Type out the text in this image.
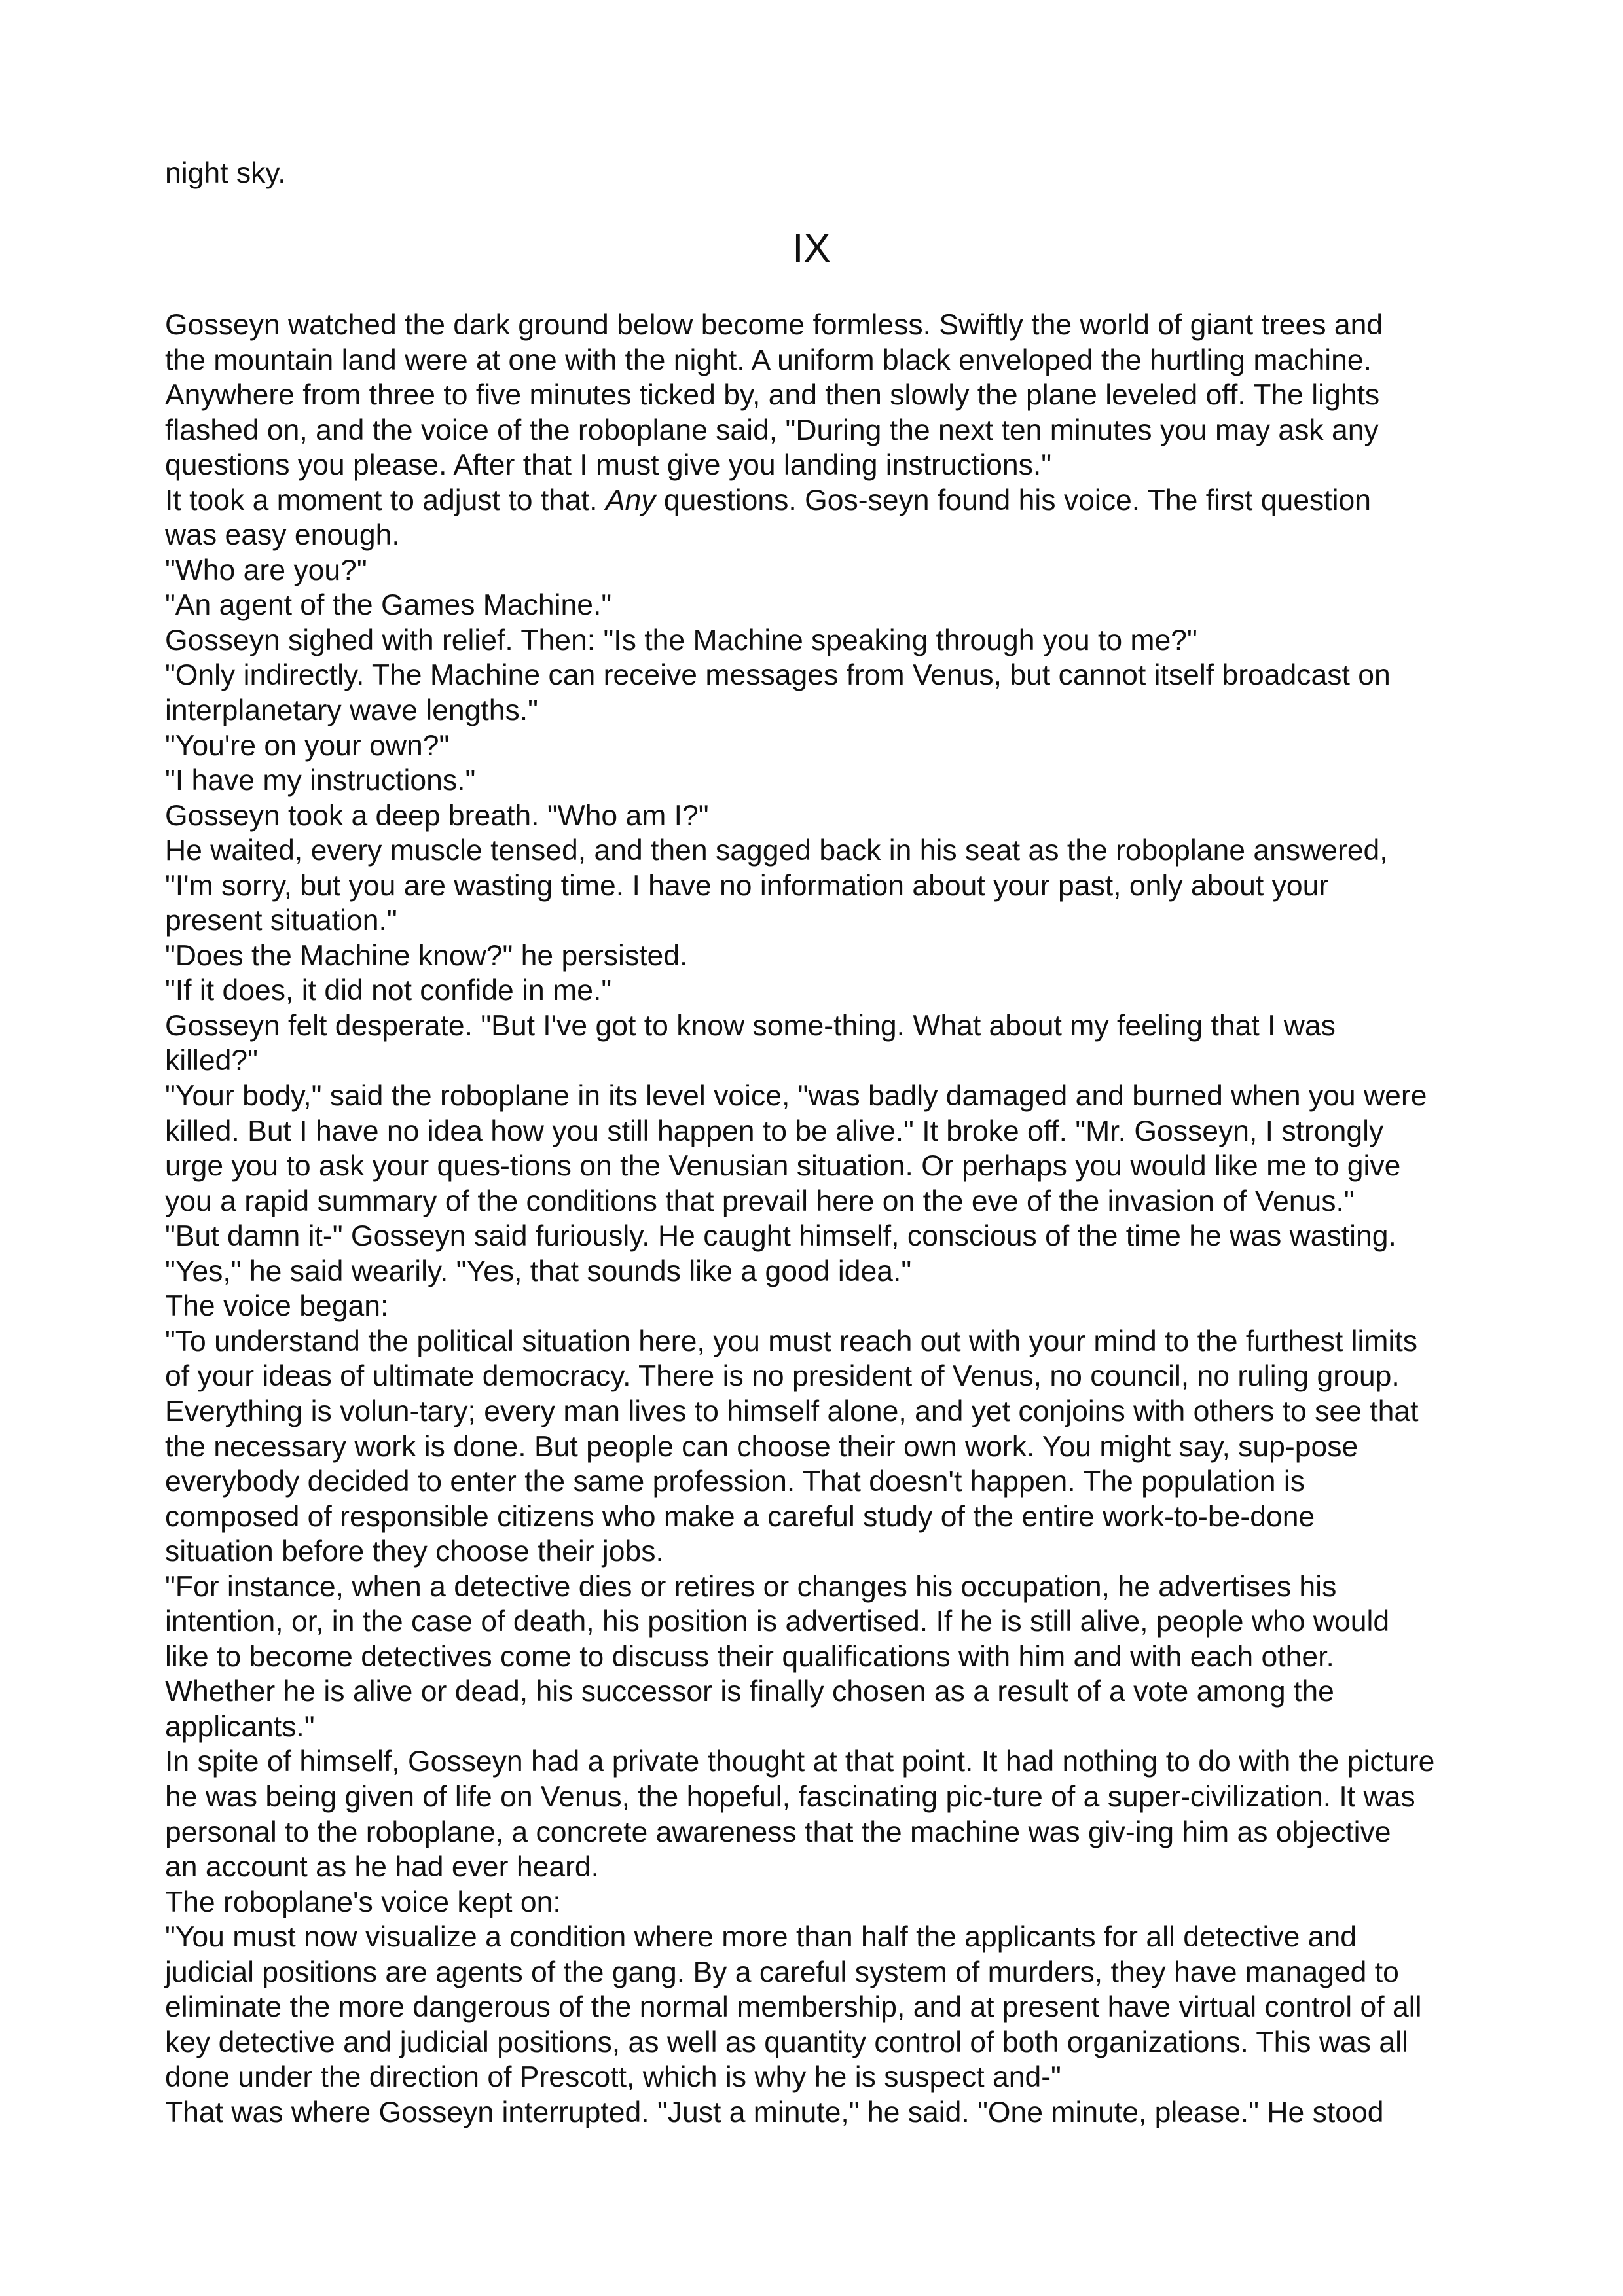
night sky.
IX

Gosseyn watched the dark ground below become formless. Swiftly the world of giant trees and

the mountain land were at one with the night. A uniform black enveloped the hurtling machine.

Anywhere from three to five minutes ticked by, and then slowly the plane leveled off. The lights

flashed on, and the voice of the roboplane said, "During the next ten minutes you may ask any

questions you please. After that I must give you landing instructions."

It took a moment to adjust to that. Any questions. Gos-seyn found his voice. The first question

was easy enough.

"Who are you?"

"An agent of the Games Machine."

Gosseyn sighed with relief. Then: "Is the Machine speaking through you to me?"

"Only indirectly. The Machine can receive messages from Venus, but cannot itself broadcast on

interplanetary wave lengths."

"You're on your own?"

"I have my instructions."

Gosseyn took a deep breath. "Who am I?"

He waited, every muscle tensed, and then sagged back in his seat as the roboplane answered,

"I'm sorry, but you are wasting time. I have no information about your past, only about your

present situation."

"Does the Machine know?" he persisted.

"If it does, it did not confide in me."

Gosseyn felt desperate. "But I've got to know some-thing. What about my feeling that I was

killed?"

"Your body," said the roboplane in its level voice, "was badly damaged and burned when you were

killed. But I have no idea how you still happen to be alive." It broke off. "Mr. Gosseyn, I strongly

urge you to ask your ques-tions on the Venusian situation. Or perhaps you would like me to give

you a rapid summary of the conditions that prevail here on the eve of the invasion of Venus."

"But damn it-" Gosseyn said furiously. He caught himself, conscious of the time he was wasting.

"Yes," he said wearily. "Yes, that sounds like a good idea."

The voice began:

"To understand the political situation here, you must reach out with your mind to the furthest limits

of your ideas of ultimate democracy. There is no president of Venus, no council, no ruling group.

Everything is volun-tary; every man lives to himself alone, and yet conjoins with others to see that

the necessary work is done. But people can choose their own work. You might say, sup-pose

everybody decided to enter the same profession. That doesn't happen. The population is

composed of responsible citizens who make a careful study of the entire work-to-be-done

situation before they choose their jobs.

"For instance, when a detective dies or retires or changes his occupation, he advertises his

intention, or, in the case of death, his position is advertised. If he is still alive, people who would

like to become detectives come to discuss their qualifications with him and with each other.

Whether he is alive or dead, his successor is finally chosen as a result of a vote among the

applicants."

In spite of himself, Gosseyn had a private thought at that point. It had nothing to do with the picture

he was being given of life on Venus, the hopeful, fascinating pic-ture of a super-civilization. It was

personal to the roboplane, a concrete awareness that the machine was giv-ing him as objective

an account as he had ever heard.

The roboplane's voice kept on:

"You must now visualize a condition where more than half the applicants for all detective and

judicial positions are agents of the gang. By a careful system of murders, they have managed to

eliminate the more dangerous of the normal membership, and at present have virtual control of all

key detective and judicial positions, as well as quantity control of both organizations. This was all

done under the direction of Prescott, which is why he is suspect and-"

That was where Gosseyn interrupted. "Just a minute," he said. "One minute, please." He stood
